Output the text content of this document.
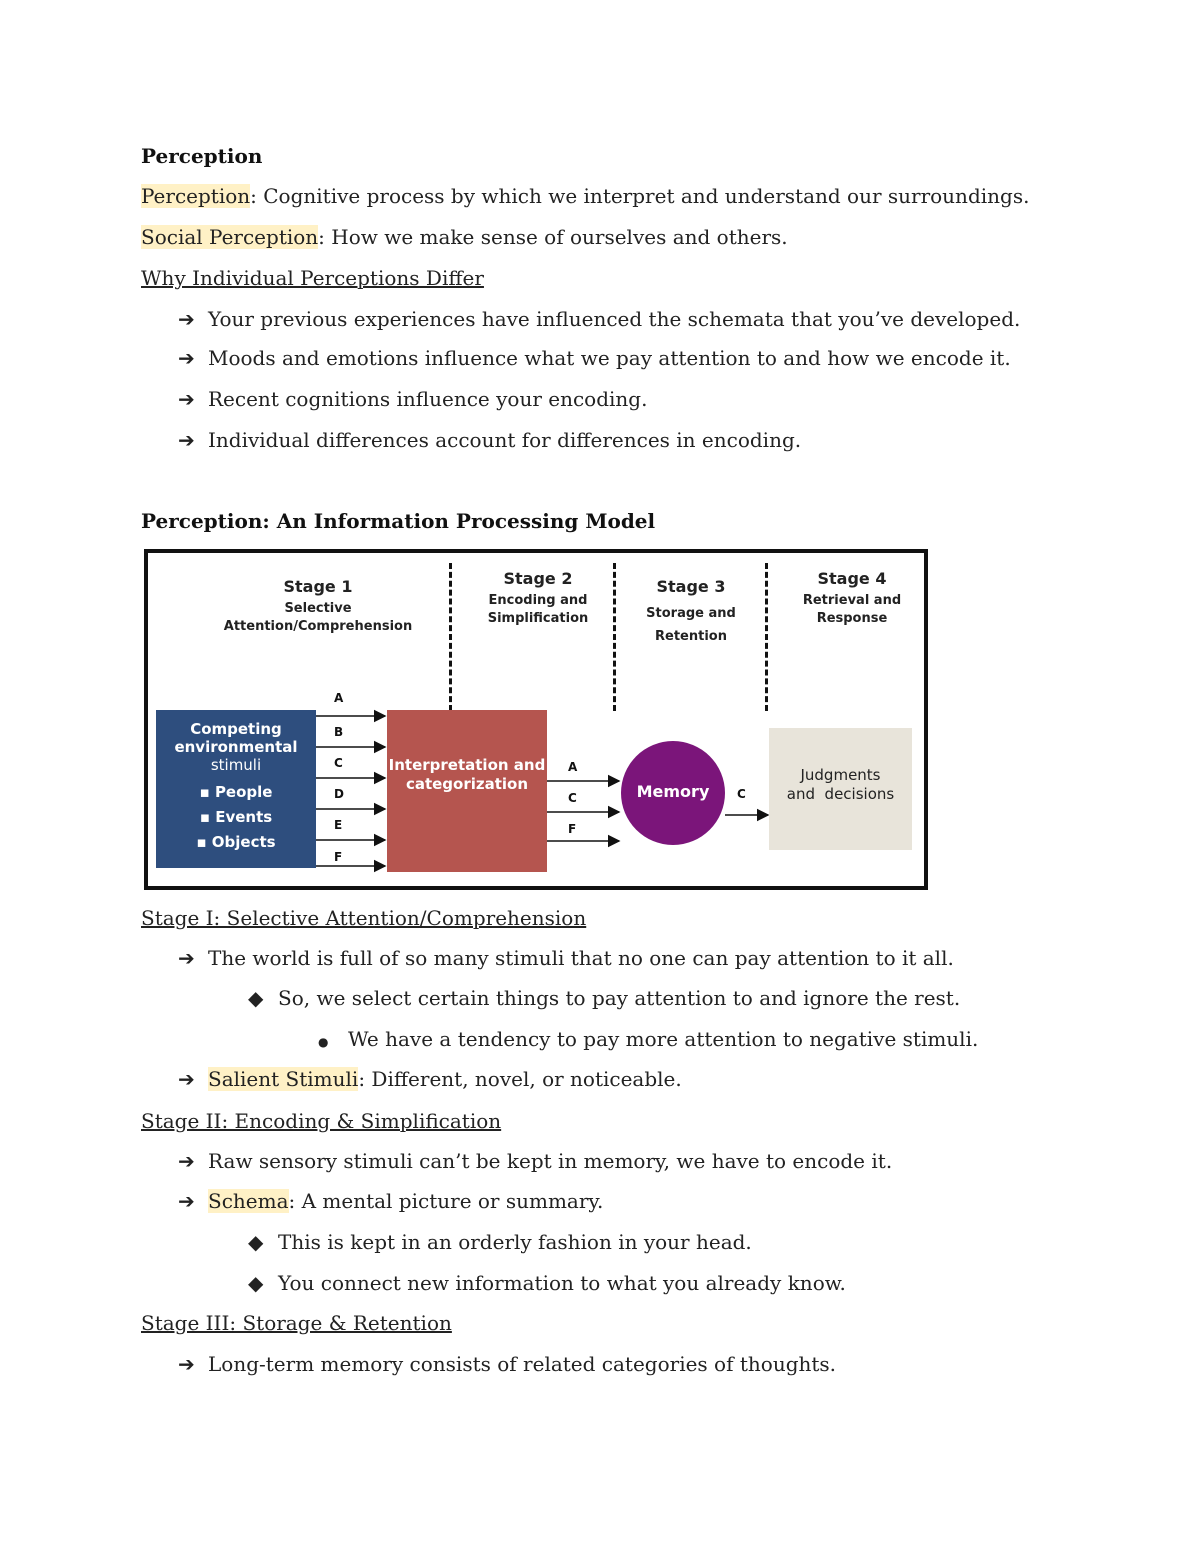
Perception
Perception: Cognitive process by which we interpret and understand our surroundings.
Social Perception: How we make sense of ourselves and others.
Why Individual Perceptions Differ
➔ Your previous experiences have influenced the schemata that you’ve developed.
➔ Moods and emotions influence what we pay attention to and how we encode it.
➔ Recent cognitions influence your encoding.
➔ Individual differences account for differences in encoding.
Perception: An Information Processing Model
Stage 1
Selective
Attention/Comprehension
Stage 2
Encoding and
Simplification
Stage 3
Storage and
Retention
Stage 4
Retrieval and
Response
Competing
environmental
stimuli
▪ People
▪ Events
▪ Objects
A
B
C
D
E
F
Interpretation and
categorization
A
C
F
Memory	C
Judgments
and  decisions
Stage I: Selective Attention/Comprehension
➔ The world is full of so many stimuli that no one can pay attention to it all.
◆ So, we select certain things to pay attention to and ignore the rest.
● We have a tendency to pay more attention to negative stimuli.
➔ Salient Stimuli: Different, novel, or noticeable.
Stage II: Encoding & Simplification
➔ Raw sensory stimuli can’t be kept in memory, we have to encode it.
➔ Schema: A mental picture or summary.
◆ This is kept in an orderly fashion in your head.
◆ You connect new information to what you already know.
Stage III: Storage & Retention
➔ Long-term memory consists of related categories of thoughts.
